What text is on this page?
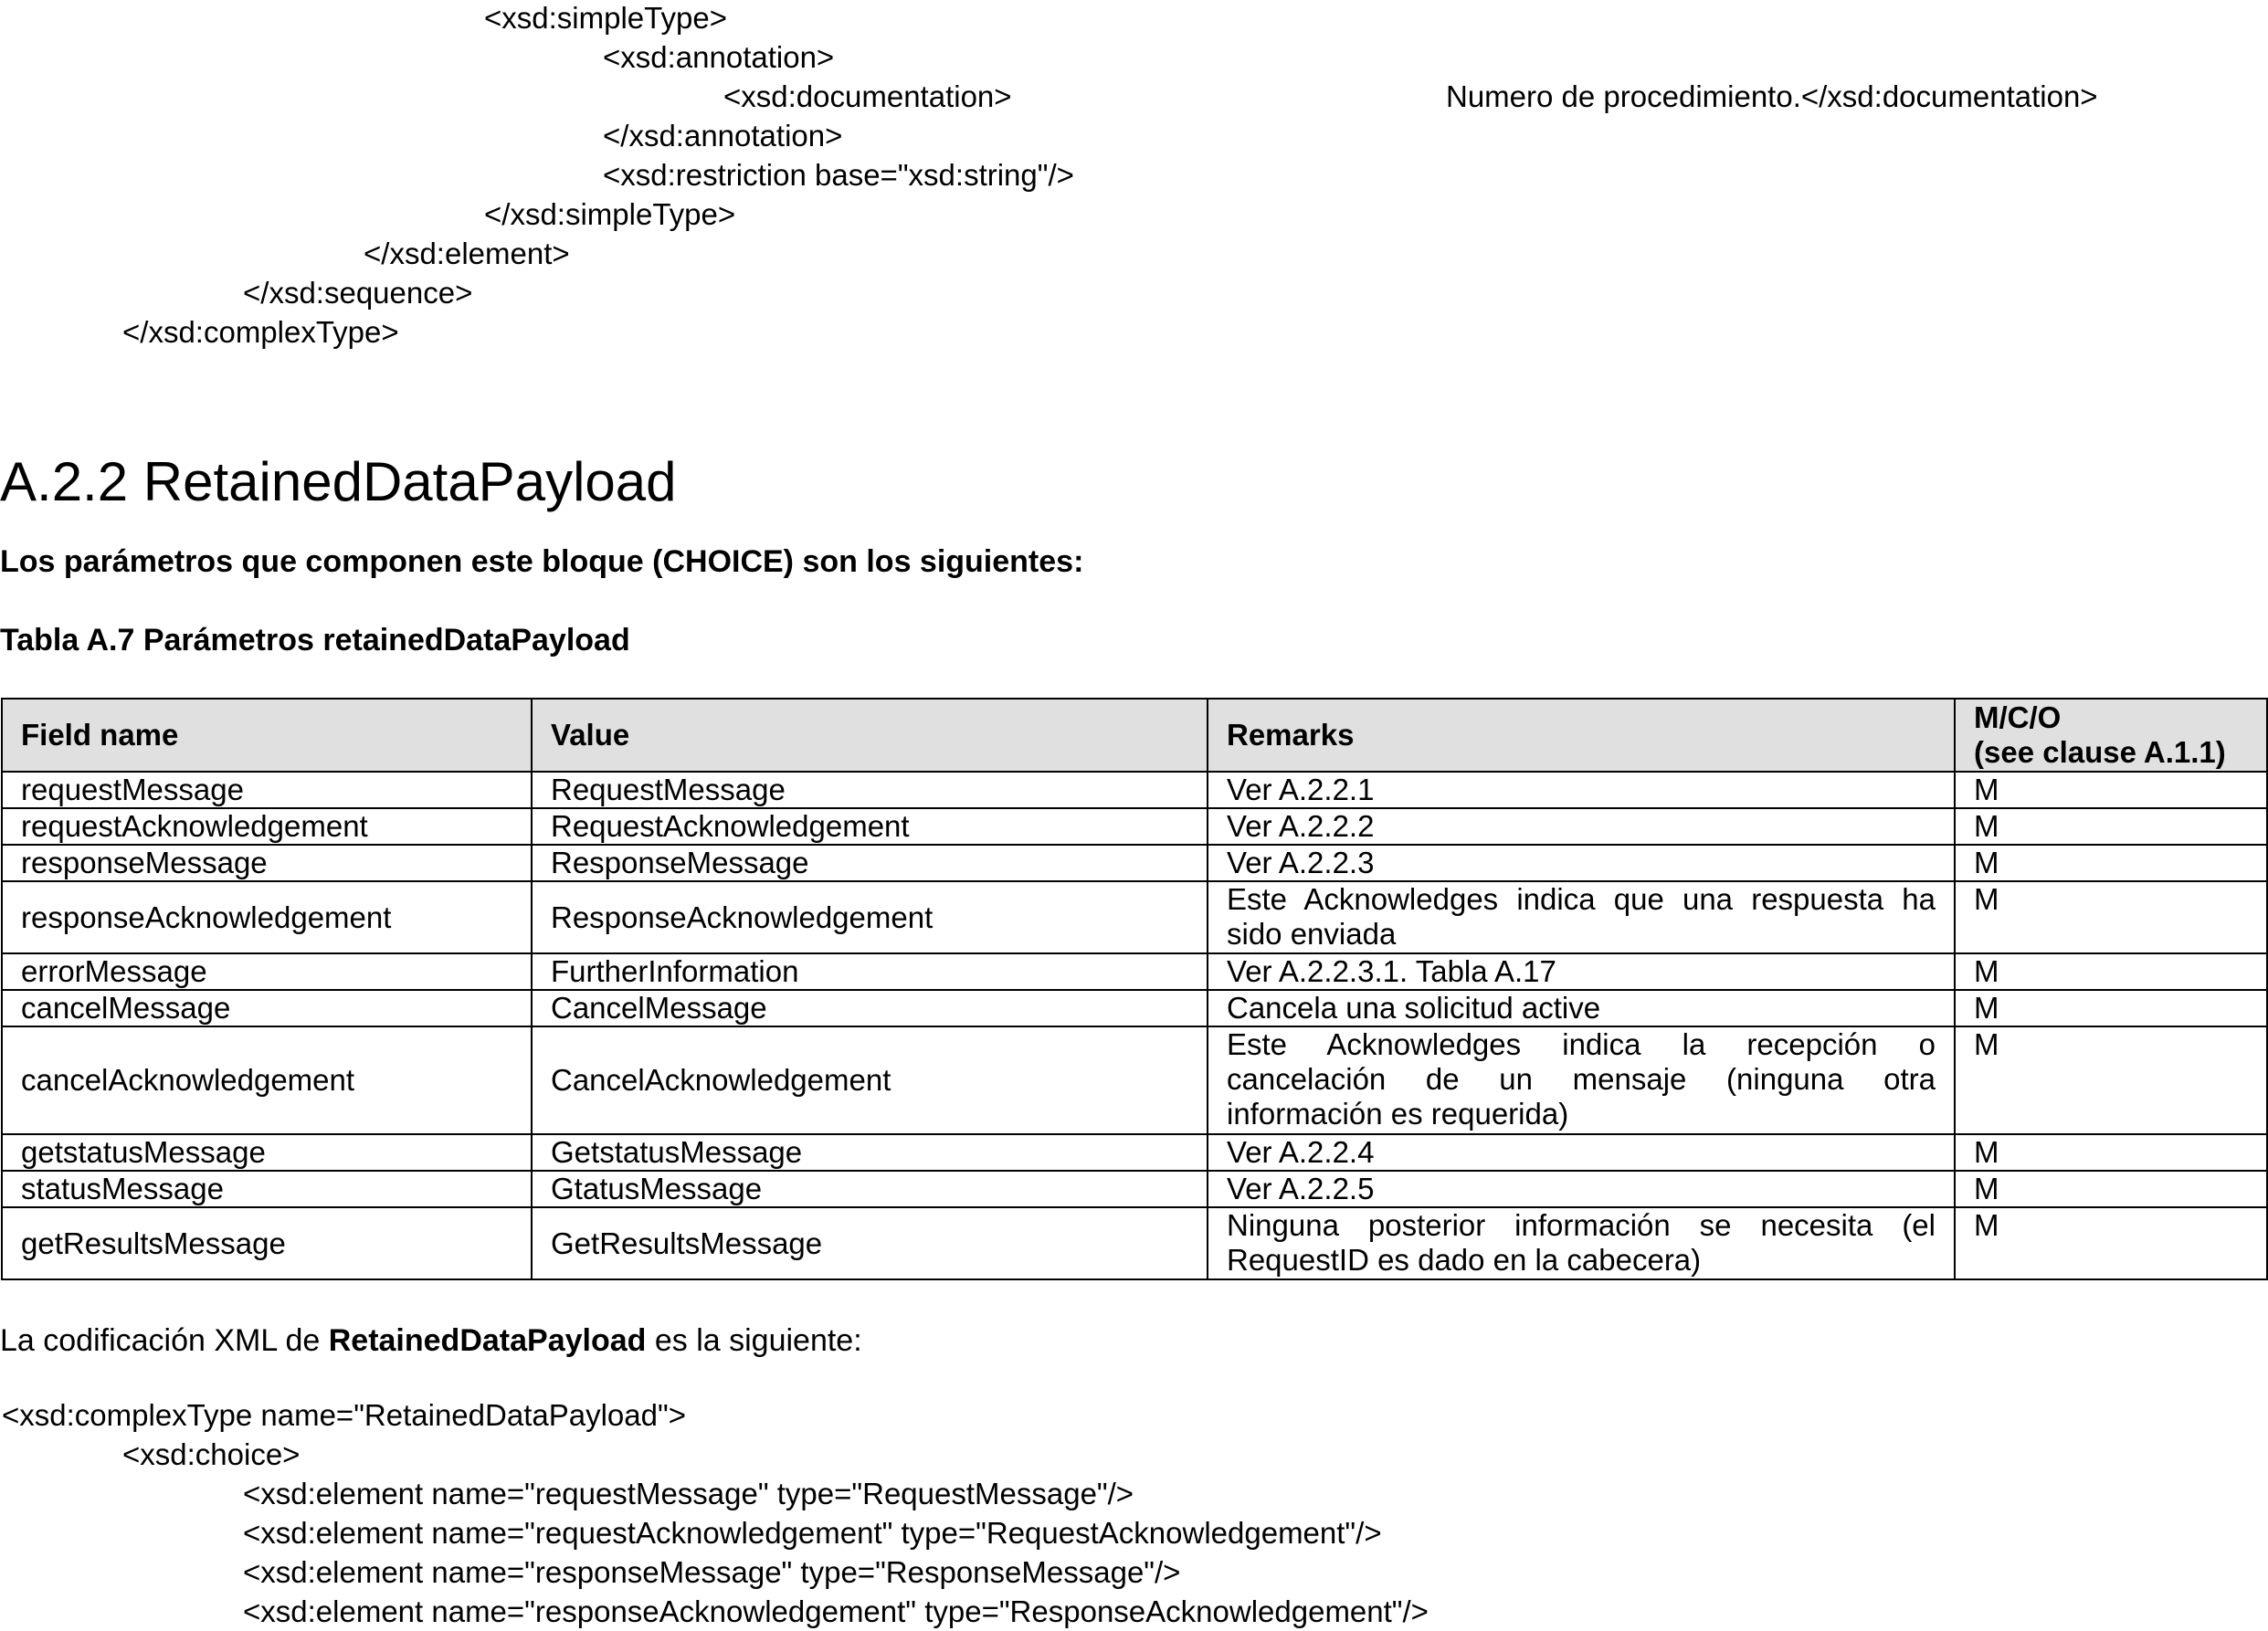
<xsd:simpleType>
<xsd:annotation>
<xsd:documentation>	Numero de procedimiento.</xsd:documentation>
</xsd:annotation>
<xsd:restriction base="xsd:string"/>
</xsd:simpleType>
</xsd:element>
</xsd:sequence>
</xsd:complexType>
A.2.2 RetainedDataPayload
Los parámetros que componen este bloque (CHOICE) son los siguientes:
Tabla A.7 Parámetros retainedDataPayload
Field name	Value	Remarks	M/C/O
(see clause A.1.1)
requestMessage	RequestMessage	Ver A.2.2.1	M
requestAcknowledgement	RequestAcknowledgement	Ver A.2.2.2	M
responseMessage	ResponseMessage	Ver A.2.2.3	M
responseAcknowledgement	ResponseAcknowledgement	Este Acknowledges indica que una respuesta ha sido enviada	M
errorMessage	FurtherInformation	Ver A.2.2.3.1. Tabla A.17	M
cancelMessage	CancelMessage	Cancela una solicitud active	M
cancelAcknowledgement	CancelAcknowledgement	Este Acknowledges indica la recepción o cancelación de un mensaje (ninguna otra información es requerida)	M
getstatusMessage	GetstatusMessage	Ver A.2.2.4	M
statusMessage	GtatusMessage	Ver A.2.2.5	M
getResultsMessage	GetResultsMessage	Ninguna posterior información se necesita (el RequestID es dado en la cabecera)	M
La codificación XML de RetainedDataPayload es la siguiente:
<xsd:complexType name="RetainedDataPayload">
<xsd:choice>
<xsd:element name="requestMessage" type="RequestMessage"/>
<xsd:element name="requestAcknowledgement" type="RequestAcknowledgement"/>
<xsd:element name="responseMessage" type="ResponseMessage"/>
<xsd:element name="responseAcknowledgement" type="ResponseAcknowledgement"/>
